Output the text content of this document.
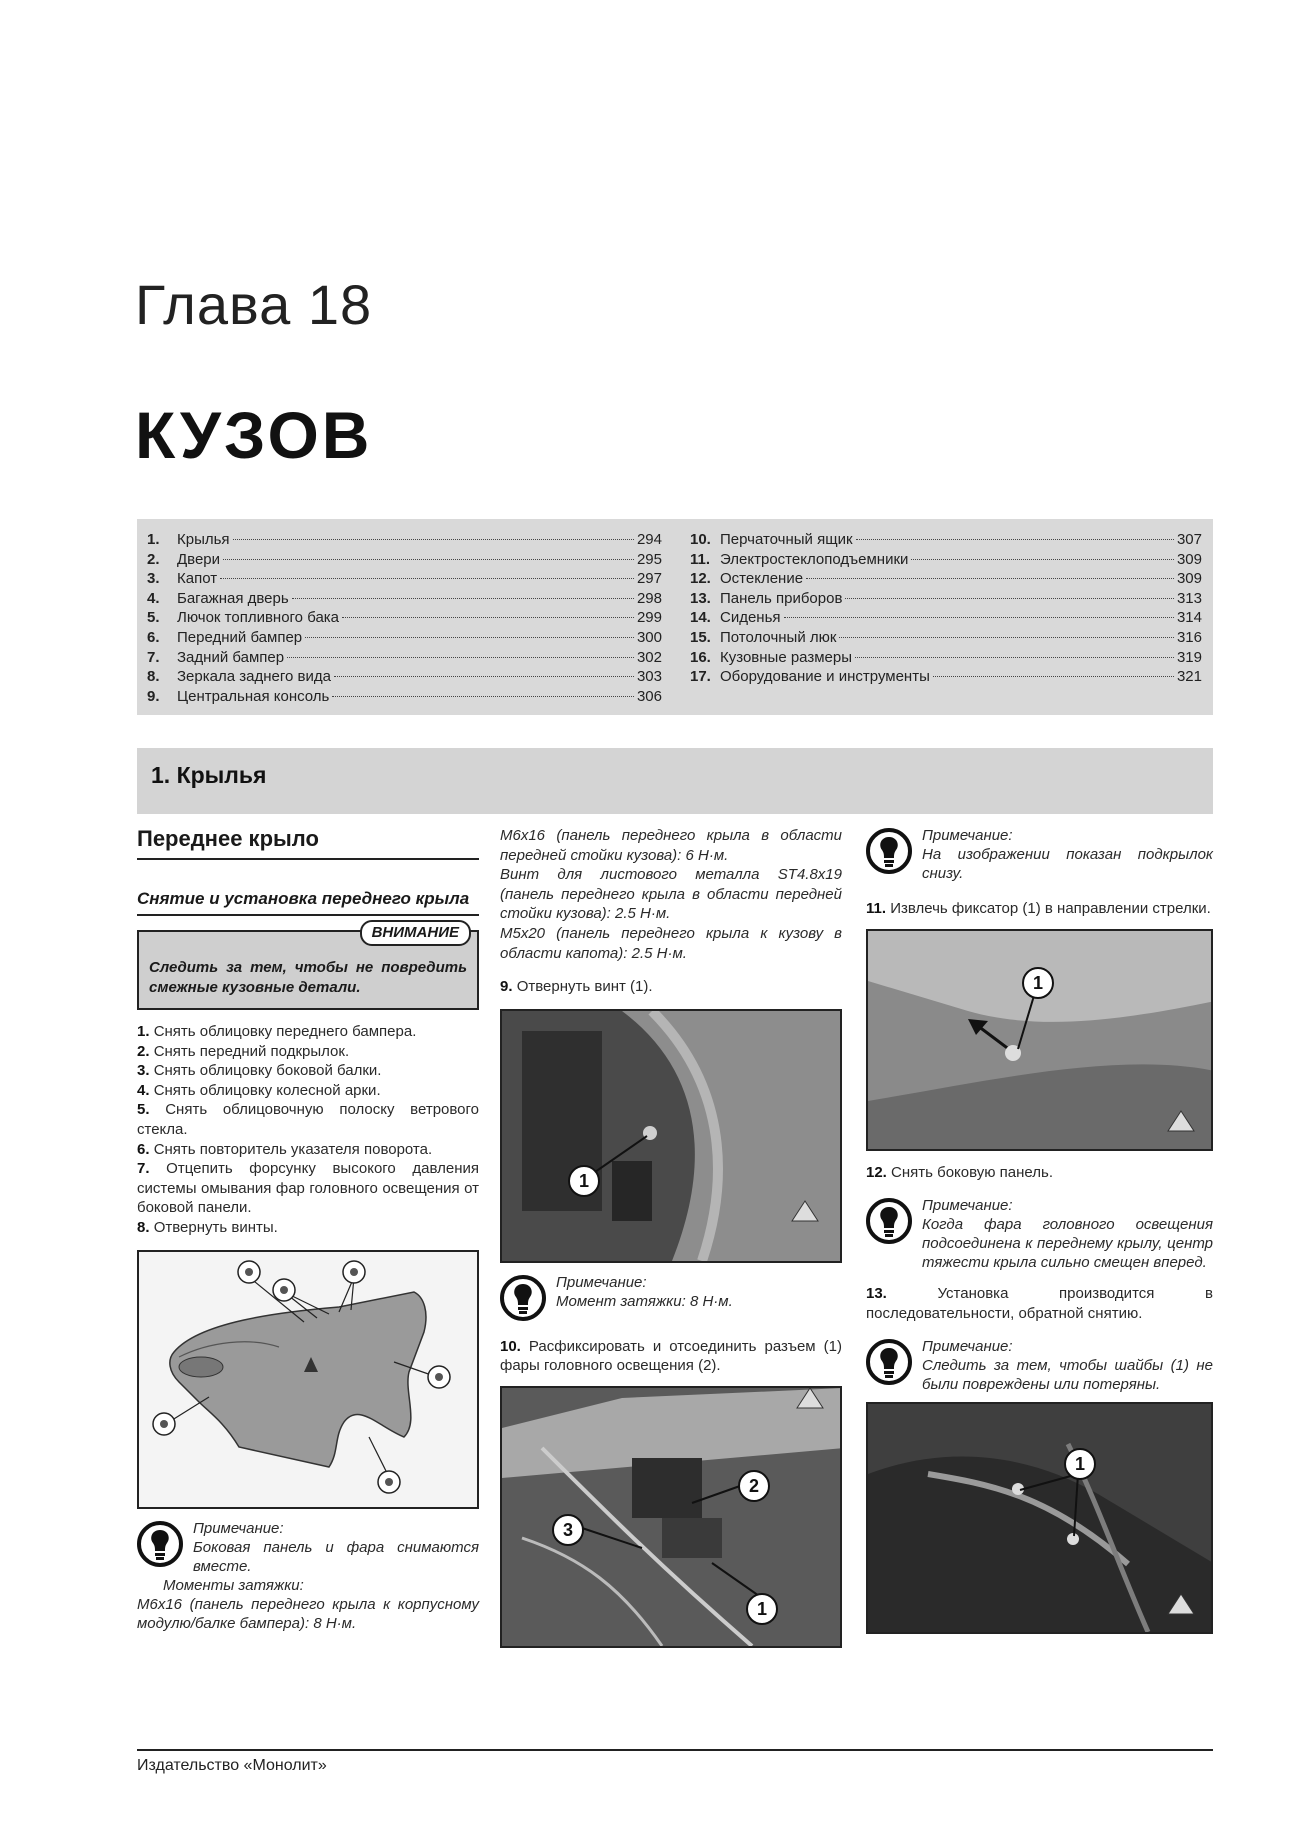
Глава 18
КУЗОВ
1.	Крылья	294
2.	Двери	295
3.	Капот	297
4.	Багажная дверь	298
5.	Лючок топливного бака	299
6.	Передний бампер	300
7.	Задний бампер	302
8.	Зеркала заднего вида	303
9.	Центральная консоль	306
10. Перчаточный ящик	307
11. Электростеклоподъемники	309
12. Остекление	309
13. Панель приборов	313
14. Сиденья	314
15. Потолочный люк	316
16. Кузовные размеры	319
17. Оборудование и инструменты	321
1. Крылья
Переднее крыло
Снятие и установка переднего крыла
ВНИМАНИЕ
Следить за тем, чтобы не повредить смежные кузовные детали.
1. Снять облицовку переднего бампера.
2. Снять передний подкрылок.
3. Снять облицовку боковой балки.
4. Снять облицовку колесной арки.
5. Снять облицовочную полоску ветрового стекла.
6. Снять повторитель указателя поворота.
7. Отцепить форсунку высокого давления системы омывания фар головного освещения от боковой панели.
8. Отвернуть винты.
Примечание:
Боковая панель и фара снимаются вместе.
Моменты затяжки:
М6х16 (панель переднего крыла к корпусному модулю/балке бампера): 8 Н·м.
М6х16 (панель переднего крыла в области передней стойки кузова): 6 Н·м.
Винт для листового металла ST4.8x19 (панель переднего крыла в области передней стойки кузова): 2.5 Н·м.
М5х20 (панель переднего крыла к кузову в области капота): 2.5 Н·м.
9. Отвернуть винт (1).
1
Примечание:
Момент затяжки: 8 Н·м.
10. Расфиксировать и отсоединить разъем (1) фары головного освещения (2).
2
3
1
Примечание:
На изображении показан подкрылок снизу.
11. Извлечь фиксатор (1) в направлении стрелки.
1
12. Снять боковую панель.
Примечание:
Когда фара головного освещения подсоединена к переднему крылу, центр тяжести крыла сильно смещен вперед.
13.	Установка производится в последовательности, обратной снятию.
Примечание:
Следить за тем, чтобы шайбы (1) не были повреждены или потеряны.
1
Издательство «Монолит»
